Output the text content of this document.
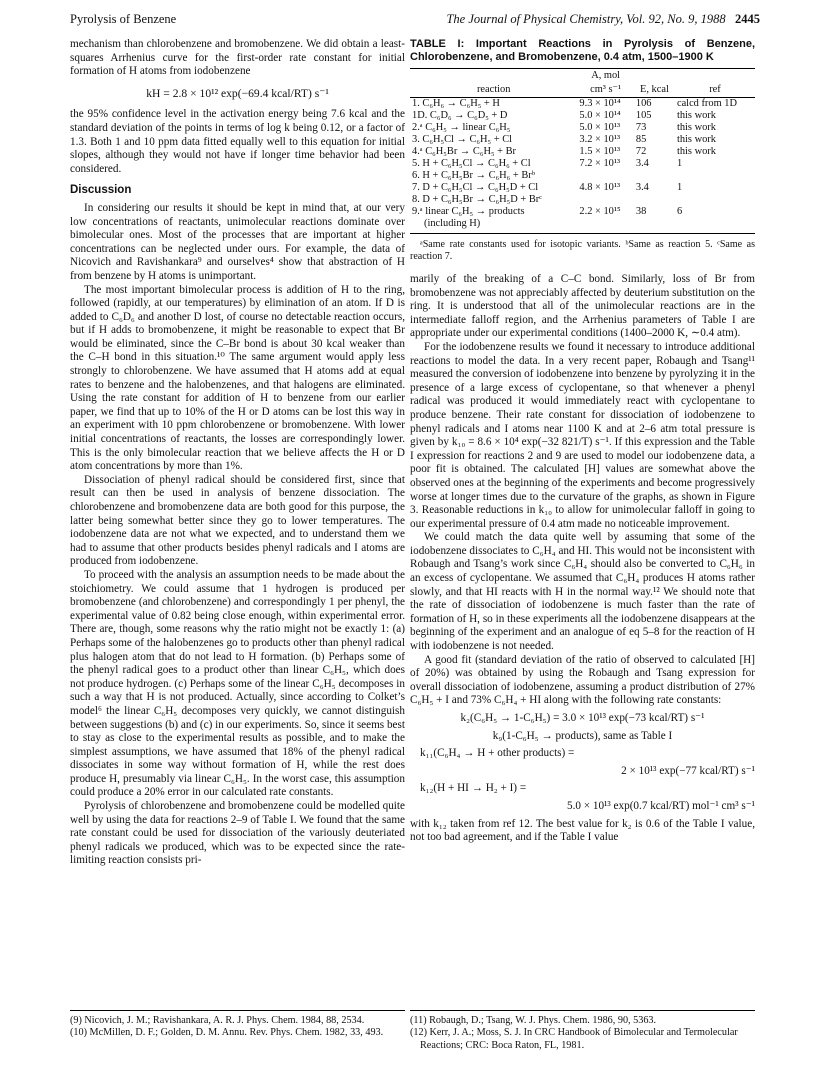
Pyrolysis of Benzene	The Journal of Physical Chemistry, Vol. 92, No. 9, 1988 2445

mechanism than chlorobenzene and bromobenzene. We did obtain a least-squares Arrhenius curve for the first-order rate constant for initial formation of H atoms from iodobenzene

kH = 2.8 × 10¹² exp(−69.4 kcal/RT) s⁻¹

the 95% confidence level in the activation energy being 7.6 kcal and the standard deviation of the points in terms of log k being 0.12, or a factor of 1.3. Both 1 and 10 ppm data fitted equally well to this equation for initial slopes, although they would not have if longer time behavior had been considered.

Discussion

In considering our results it should be kept in mind that, at our very low concentrations of reactants, unimolecular reactions dominate over bimolecular ones. Most of the processes that are important at higher concentrations can be neglected under ours. For example, the data of Nicovich and Ravishankara⁹ and ourselves⁴ show that abstraction of H from benzene by H atoms is unimportant.

The most important bimolecular process is addition of H to the ring, followed (rapidly, at our temperatures) by elimination of an atom. If D is added to C₆D₆ and another D lost, of course no detectable reaction occurs, but if H adds to bromobenzene, it might be reasonable to expect that Br would be eliminated, since the C–Br bond is about 30 kcal weaker than the C–H bond in this situation.¹⁰ The same argument would apply less strongly to chlorobenzene. We have assumed that H atoms add at equal rates to benzene and the halobenzenes, and that halogens are eliminated. Using the rate constant for addition of H to benzene from our earlier paper, we find that up to 10% of the H or D atoms can be lost this way in an experiment with 10 ppm chlorobenzene or bromobenzene. With lower initial concentrations of reactants, the losses are correspondingly lower. This is the only bimolecular reaction that we believe affects the H or D atom concentrations by more than 1%.

Dissociation of phenyl radical should be considered first, since that result can then be used in analysis of benzene dissociation. The chlorobenzene and bromobenzene data are both good for this purpose, the latter being somewhat better since they go to lower temperatures. The iodobenzene data are not what we expected, and to understand them we had to assume that other products besides phenyl radicals and I atoms are produced from iodobenzene.

To proceed with the analysis an assumption needs to be made about the stoichiometry. We could assume that 1 hydrogen is produced per bromobenzene (and chlorobenzene) and correspondingly 1 per phenyl, the experimental value of 0.82 being close enough, within experimental error. There are, though, some reasons why the ratio might not be exactly 1: (a) Perhaps some of the halobenzenes go to products other than phenyl radical plus halogen atom that do not lead to H formation. (b) Perhaps some of the phenyl radical goes to a product other than linear C₆H₅, which does not produce hydrogen. (c) Perhaps some of the linear C₆H₅ decomposes in such a way that H is not produced. Actually, since according to Colket’s model⁶ the linear C₆H₅ decomposes very quickly, we cannot distinguish between suggestions (b) and (c) in our experiments. So, since it seems best to stay as close to the experimental results as possible, and to make the simplest assumptions, we have assumed that 18% of the phenyl radical dissociates in some way without formation of H, while the rest does produce H, presumably via linear C₆H₅. In the worst case, this assumption could produce a 20% error in our calculated rate constants.

Pyrolysis of chlorobenzene and bromobenzene could be modelled quite well by using the data for reactions 2–9 of Table I. We found that the same rate constant could be used for dissociation of the variously deuteriated phenyl radicals we produced, which was to be expected since the rate-limiting reaction consists pri-

TABLE I: Important Reactions in Pyrolysis of Benzene, Chlorobenzene, and Bromobenzene, 0.4 atm, 1500–1900 K
	A, mol		
reaction	cm³ s⁻¹	E, kcal	ref
1. C₆H₆ → C₆H₅ + H	9.3 × 10¹⁴	106	calcd from 1D
1D. C₆D₆ → C₆D₅ + D	5.0 × 10¹⁴	105	this work
2.ᵃ C₆H₅ → linear C₆H₅	5.0 × 10¹³	73	this work
3. C₆H₅Cl → C₆H₅ + Cl	3.2 × 10¹³	85	this work
4.ᵃ C₆H₅Br → C₆H₅ + Br	1.5 × 10¹³	72	this work
5. H + C₆H₅Cl → C₆H₆ + Cl	7.2 × 10¹³	3.4	1
6. H + C₆H₅Br → C₆H₆ + Brᵇ			
7. D + C₆H₅Cl → C₆H₅D + Cl	4.8 × 10¹³	3.4	1
8. D + C₆H₅Br → C₆H₅D + Brᶜ			
9.ᵃ linear C₆H₅ → products	2.2 × 10¹⁵	38	6
(including H)			

ᵃSame rate constants used for isotopic variants. ᵇSame as reaction 5. ᶜSame as reaction 7.

marily of the breaking of a C–C bond. Similarly, loss of Br from bromobenzene was not appreciably affected by deuterium substitution on the ring. It is understood that all of the unimolecular reactions are in the intermediate falloff region, and the Arrhenius parameters of Table I are appropriate under our experimental conditions (1400–2000 K, ∼0.4 atm).

For the iodobenzene results we found it necessary to introduce additional reactions to model the data. In a very recent paper, Robaugh and Tsang¹¹ measured the conversion of iodobenzene into benzene by pyrolyzing it in the presence of a large excess of cyclopentane, so that whenever a phenyl radical was produced it would immediately react with cyclopentane to produce benzene. Their rate constant for dissociation of iodobenzene to phenyl radicals and I atoms near 1100 K and at 2–6 atm total pressure is given by k₁₀ = 8.6 × 10⁴ exp(−32 821/T) s⁻¹. If this expression and the Table I expression for reactions 2 and 9 are used to model our iodobenzene data, a poor fit is obtained. The calculated [H] values are somewhat above the observed ones at the beginning of the experiments and become progressively worse at longer times due to the curvature of the graphs, as shown in Figure 3. Reasonable reductions in k₁₀ to allow for unimolecular falloff in going to our experimental pressure of 0.4 atm made no noticeable improvement.

We could match the data quite well by assuming that some of the iodobenzene dissociates to C₆H₄ and HI. This would not be inconsistent with Robaugh and Tsang’s work since C₆H₄ should also be converted to C₆H₆ in an excess of cyclopentane. We assumed that C₆H₄ produces H atoms rather slowly, and that HI reacts with H in the normal way.¹² We should note that the rate of dissociation of iodobenzene is much faster than the rate of formation of H, so in these experiments all the iodobenzene disappears at the beginning of the experiment and an analogue of eq 5–8 for the reaction of H with iodobenzene is not needed.

A good fit (standard deviation of the ratio of observed to calculated [H] of 20%) was obtained by using the Robaugh and Tsang expression for overall dissociation of iodobenzene, assuming a product distribution of 27% C₆H₅ + I and 73% C₆H₄ + HI along with the following rate constants:

k₂(C₆H₅ → 1-C₆H₅) = 3.0 × 10¹³ exp(−73 kcal/RT) s⁻¹

k₉(1-C₆H₅ → products), same as Table I

k₁₁(C₆H₄ → H + other products) =

2 × 10¹³ exp(−77 kcal/RT) s⁻¹

k₁₂(H + HI → H₂ + I) =

5.0 × 10¹³ exp(0.7 kcal/RT) mol⁻¹ cm³ s⁻¹

with k₁₂ taken from ref 12. The best value for k₂ is 0.6 of the Table I value, not too bad agreement, and if the Table I value

(9) Nicovich, J. M.; Ravishankara, A. R. J. Phys. Chem. 1984, 88, 2534.

(10) McMillen, D. F.; Golden, D. M. Annu. Rev. Phys. Chem. 1982, 33, 493.

(11) Robaugh, D.; Tsang, W. J. Phys. Chem. 1986, 90, 5363.

(12) Kerr, J. A.; Moss, S. J. In CRC Handbook of Bimolecular and Termolecular Reactions; CRC: Boca Raton, FL, 1981.
